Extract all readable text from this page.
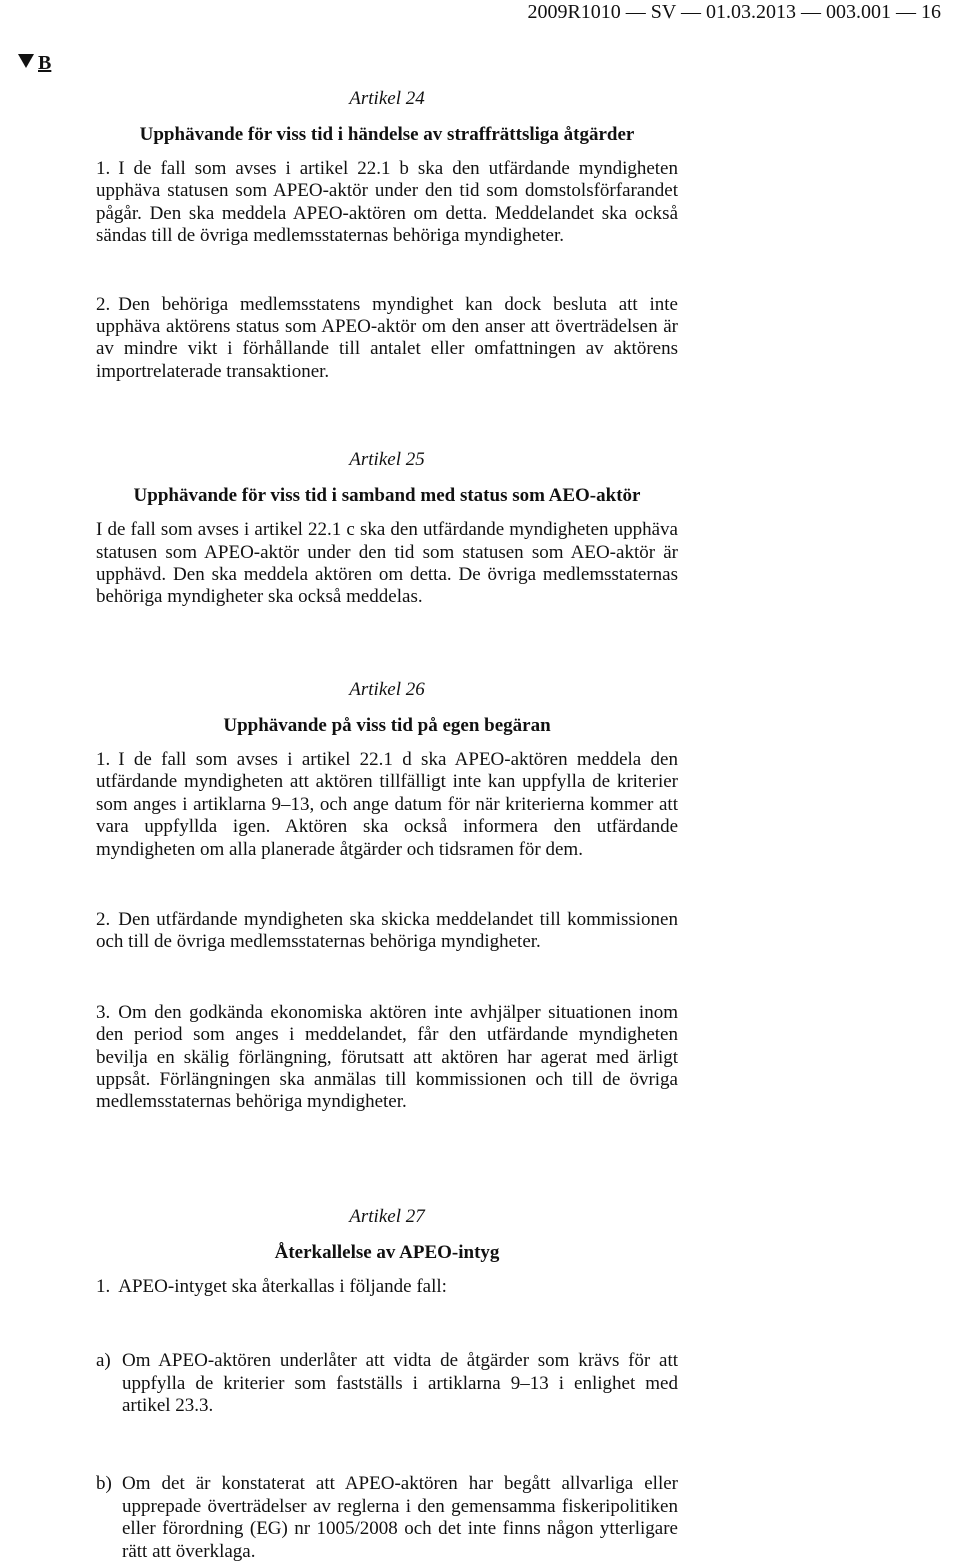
2009R1010 — SV — 01.03.2013 — 003.001 — 16
B

Artikel 24

Upphävande för viss tid i händelse av straffrättsliga åtgärder

1. I de fall som avses i artikel 22.1 b ska den utfärdande myndigheten upphäva statusen som APEO-aktör under den tid som domstolsförfarandet pågår. Den ska meddela APEO-aktören om detta. Meddelandet ska också sändas till de övriga medlemsstaternas behöriga myndigheter.

2. Den behöriga medlemsstatens myndighet kan dock besluta att inte upphäva aktörens status som APEO-aktör om den anser att överträdelsen är av mindre vikt i förhållande till antalet eller omfattningen av aktörens importrelaterade transaktioner.

Artikel 25

Upphävande för viss tid i samband med status som AEO-aktör

I de fall som avses i artikel 22.1 c ska den utfärdande myndigheten upphäva statusen som APEO-aktör under den tid som statusen som AEO-aktör är upphävd. Den ska meddela aktören om detta. De övriga medlemsstaternas behöriga myndigheter ska också meddelas.

Artikel 26

Upphävande på viss tid på egen begäran

1. I de fall som avses i artikel 22.1 d ska APEO-aktören meddela den utfärdande myndigheten att aktören tillfälligt inte kan uppfylla de kriterier som anges i artiklarna 9–13, och ange datum för när kriterierna kommer att vara uppfyllda igen. Aktören ska också informera den utfärdande myndigheten om alla planerade åtgärder och tidsramen för dem.

2. Den utfärdande myndigheten ska skicka meddelandet till kommissionen och till de övriga medlemsstaternas behöriga myndigheter.

3. Om den godkända ekonomiska aktören inte avhjälper situationen inom den period som anges i meddelandet, får den utfärdande myndigheten bevilja en skälig förlängning, förutsatt att aktören har agerat med ärligt uppsåt. Förlängningen ska anmälas till kommissionen och till de övriga medlemsstaternas behöriga myndigheter.

Artikel 27

Återkallelse av APEO-intyg

1. APEO-intyget ska återkallas i följande fall:

a) Om APEO-aktören underlåter att vidta de åtgärder som krävs för att uppfylla de kriterier som fastställs i artiklarna 9–13 i enlighet med artikel 23.3.
b) Om det är konstaterat att APEO-aktören har begått allvarliga eller upprepade överträdelser av reglerna i den gemensamma fiskeripolitiken eller förordning (EG) nr 1005/2008 och det inte finns någon ytterligare rätt att överklaga.
